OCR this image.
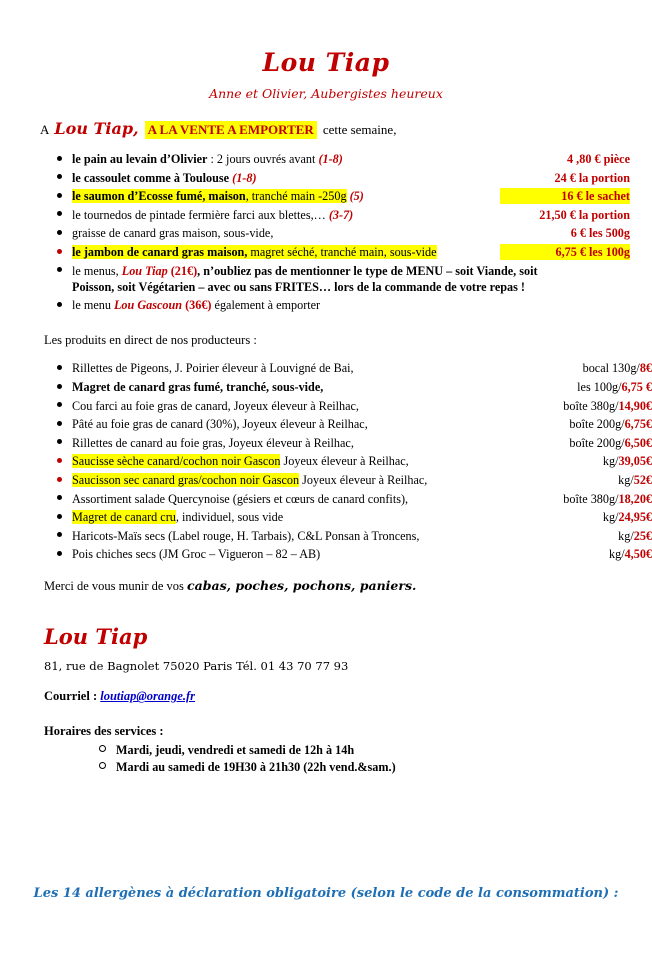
Lou Tiap
Anne et Olivier, Aubergistes heureux
A Lou Tiap, A LA VENTE A EMPORTER cette semaine,
le pain au levain d’Olivier : 2 jours ouvrés avant (1-8)	4 ,80 € pièce
le cassoulet comme à Toulouse (1-8)	24 € la portion
le saumon d’Ecosse fumé, maison, tranché main -250g (5)	16 € le sachet
le tournedos de pintade fermière farci aux blettes,… (3-7)	21,50 € la portion
graisse de canard gras maison, sous-vide,	6 € les 500g
le jambon de canard gras maison, magret séché, tranché main, sous-vide	6,75 € les 100g
le menus, Lou Tiap (21€), n’oubliez pas de mentionner le type de MENU – soit Viande, soit Poisson, soit Végétarien – avec ou sans FRITES… lors de la commande de votre repas !
le menu Lou Gascoun (36€) également à emporter
Les produits en direct de nos producteurs :
Rillettes de Pigeons, J. Poirier éleveur à Louvigné de Bai,	bocal 130g/8€
Magret de canard gras fumé, tranché, sous-vide,	les 100g/6,75 €
Cou farci au foie gras de canard, Joyeux éleveur à Reilhac,	boîte 380g/14,90€
Pâté au foie gras de canard (30%), Joyeux éleveur à Reilhac,	boîte 200g/6,75€
Rillettes de canard au foie gras, Joyeux éleveur à Reilhac,	boîte 200g/6,50€
Saucisse sèche canard/cochon noir Gascon Joyeux éleveur à Reilhac,	kg/39,05€
Saucisson sec canard gras/cochon noir Gascon Joyeux éleveur à Reilhac,	kg/52€
Assortiment salade Quercynoise (gésiers et cœurs de canard confits),	boîte 380g/18,20€
Magret de canard cru, individuel, sous vide	kg/24,95€
Haricots-Maïs secs (Label rouge, H. Tarbais), C&L Ponsan à Troncens,	kg/25€
Pois chiches secs (JM Groc – Vigueron – 82 – AB)	kg/4,50€
Merci de vous munir de vos cabas, poches, pochons, paniers.
Lou Tiap
81, rue de Bagnolet 75020 Paris Tél. 01 43 70 77 93
Courriel : loutiap@orange.fr
Horaires des services :
Mardi, jeudi, vendredi et samedi de 12h à 14h
Mardi au samedi de 19H30 à 21h30 (22h vend.&sam.)
Les 14 allergènes à déclaration obligatoire (selon le code de la consommation) :
